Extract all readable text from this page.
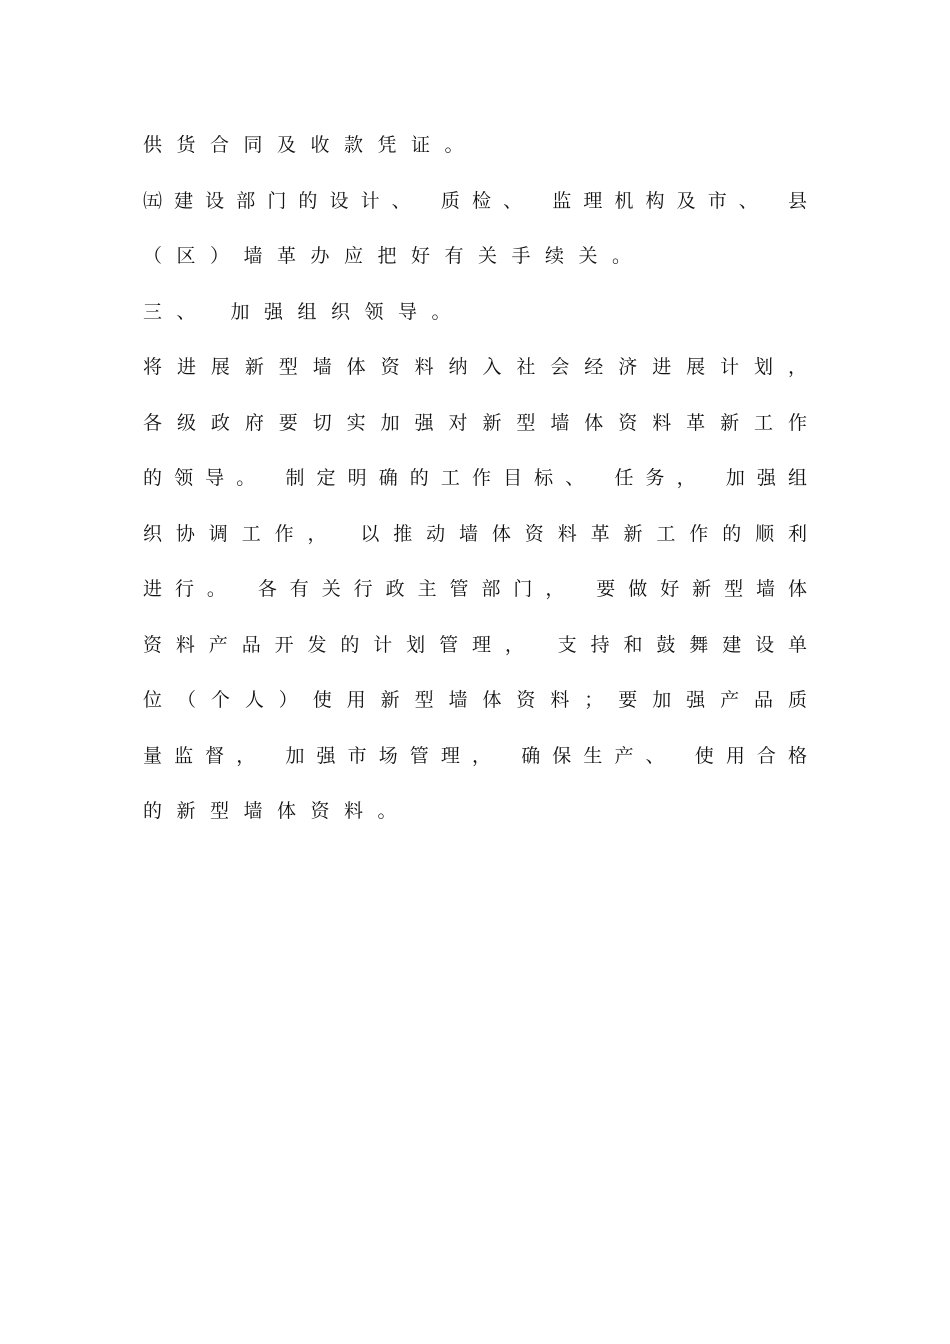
供货合同及收款凭证。
㈤建设部门的设计、 质检、 监理机构及市、 县
（区）墙革办应把好有关手续关。
三、 加强组织领导。
将进展新型墙体资料纳入社会经济进展计划，
各级政府要切实加强对新型墙体资料革新工作
的领导。 制定明确的工作目标、 任务， 加强组
织协调工作， 以推动墙体资料革新工作的顺利
进行。 各有关行政主管部门， 要做好新型墙体
资料产品开发的计划管理， 支持和鼓舞建设单
位（个人）使用新型墙体资料；要加强产品质
量监督， 加强市场管理， 确保生产、 使用合格
的新型墙体资料。
